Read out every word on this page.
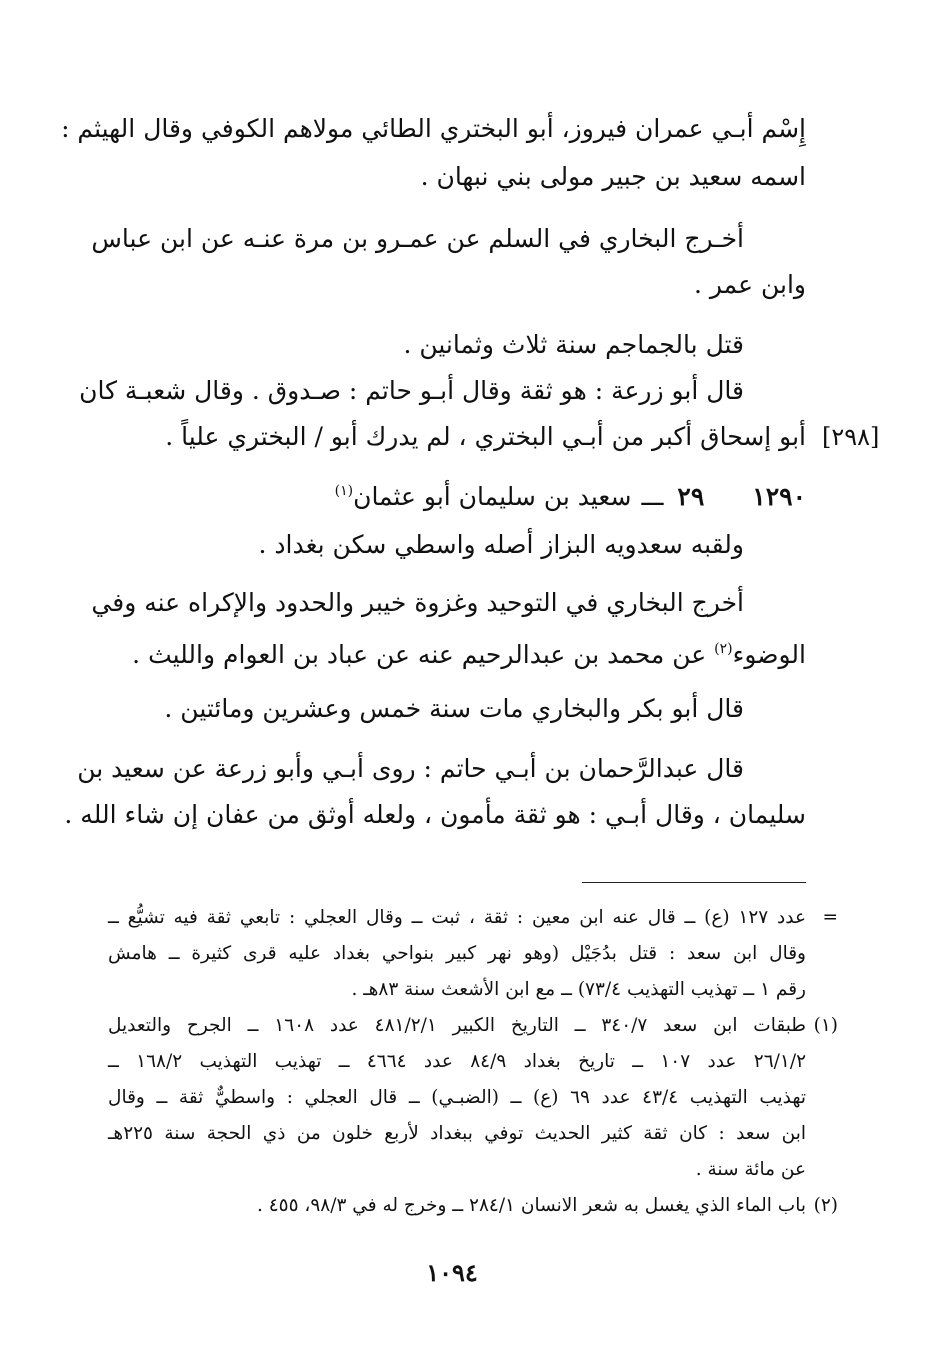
إِسْم أبـي عمران فيروز، أبو البختري الطائي مولاهم الكوفي وقال الهيثم :
اسمه سعيد بن جبير مولى بني نبهان .
أخـرج البخاري في السلم عن عمـرو بن مرة عنـه عن ابن عباس
وابن عمر .
قتل بالجماجم سنة ثلاث وثمانين .
قال أبو زرعة : هو ثقة وقال أبـو حاتم : صـدوق . وقال شعبـة كان
أبو إسحاق أكبر من أبـي البختري ، لم يدرك أبو / البختري علياً . [٢٩٨]
١٢٩٠٢٩ـــسعيد بن سليمان أبو عثمان$^{(١)}$
ولقبه سعدويه البزاز أصله واسطي سكن بغداد .
أخرج البخاري في التوحيد وغزوة خيبر والحدود والإكراه عنه وفي
الوضوء$^{(٢)}$ عن محمد بن عبدالرحيم عنه عن عباد بن العوام والليث .
قال أبو بكر والبخاري مات سنة خمس وعشرين ومائتين .
قال عبدالرَّحمان بن أبـي حاتم : روى أبـي وأبو زرعة عن سعيد بن
سليمان ، وقال أبـي : هو ثقة مأمون ، ولعله أوثق من عفان إن شاء الله .
=
عدد ١٢٧ (ع) ــ قال عنه ابن معين : ثقة ، ثبت ــ وقال العجلي : تابعي ثقة فيه تشيُّع ــ
وقال ابن سعد : قتل بدُجَيْل (وهو نهر كبير بنواحي بغداد عليه قرى كثيرة ــ هامش
رقم ١ ــ تهذيب التهذيب ٧٣/٤) ــ مع ابن الأشعث سنة ٨٣هـ .
(١)
طبقات ابن سعد ٣٤٠/٧ ــ التاريخ الكبير ٤٨١/٢/١ عدد ١٦٠٨ ــ الجرح والتعديل
٢٦/١/٢ عدد ١٠٧ ــ تاريخ بغداد ٨٤/٩ عدد ٤٦٦٤ ــ تهذيب التهذيب ١٦٨/٢ ــ
تهذيب التهذيب ٤٣/٤ عدد ٦٩ (ع) ــ (الضبـي) ــ قال العجلي : واسطيٌّ ثقة ــ وقال
ابن سعد : كان ثقة كثير الحديث توفي ببغداد لأربع خلون من ذي الحجة سنة ٢٢٥هـ
عن مائة سنة .
(٢)
باب الماء الذي يغسل به شعر الانسان ٢٨٤/١ ــ وخرج له في ٩٨/٣، ٤٥٥ .
١٠٩٤
